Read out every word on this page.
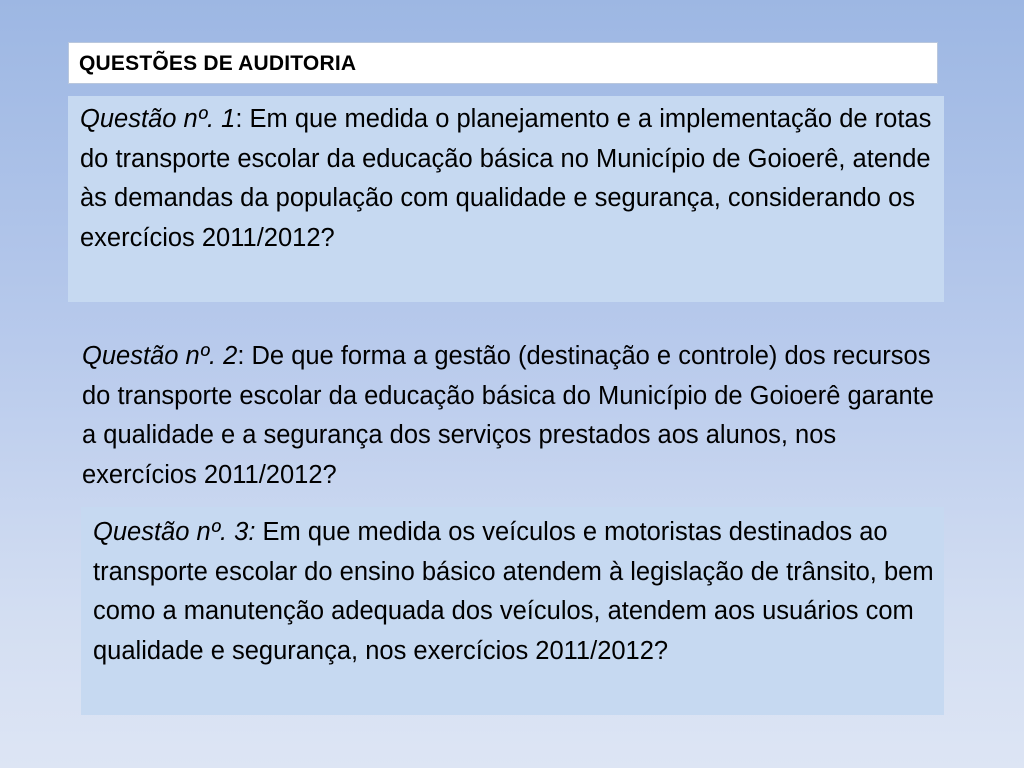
QUESTÕES DE AUDITORIA
Questão nº. 1: Em que medida o planejamento e a implementação de rotas do transporte escolar da educação básica no Município de Goioerê, atende às demandas da população com qualidade e segurança, considerando os exercícios 2011/2012?
Questão nº. 2: De que forma a gestão (destinação e controle) dos recursos do transporte escolar da educação básica do Município de Goioerê garante a qualidade e a segurança dos serviços prestados aos alunos, nos exercícios 2011/2012?
Questão nº. 3: Em que medida os veículos e motoristas destinados ao transporte escolar do ensino básico atendem à legislação de trânsito, bem como a manutenção adequada dos veículos, atendem aos usuários com qualidade e segurança, nos exercícios 2011/2012?
